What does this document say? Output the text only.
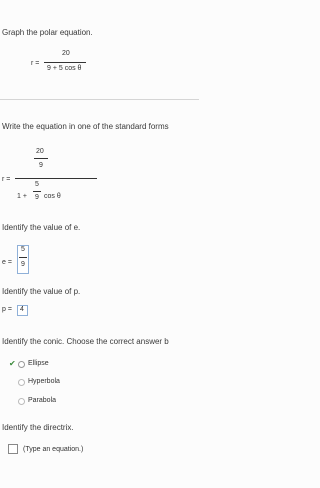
Graph the polar equation.
r =
20
9 + 5 cos θ
Write the equation in one of the standard forms
r =
20
9
1 +
5
9 cos θ
Identify the value of e.
e =
5
9
Identify the value of p.
p = 4
Identify the conic. Choose the correct answer b
✔ Ellipse
Hyperbola
Parabola
Identify the directrix.
(Type an equation.)
